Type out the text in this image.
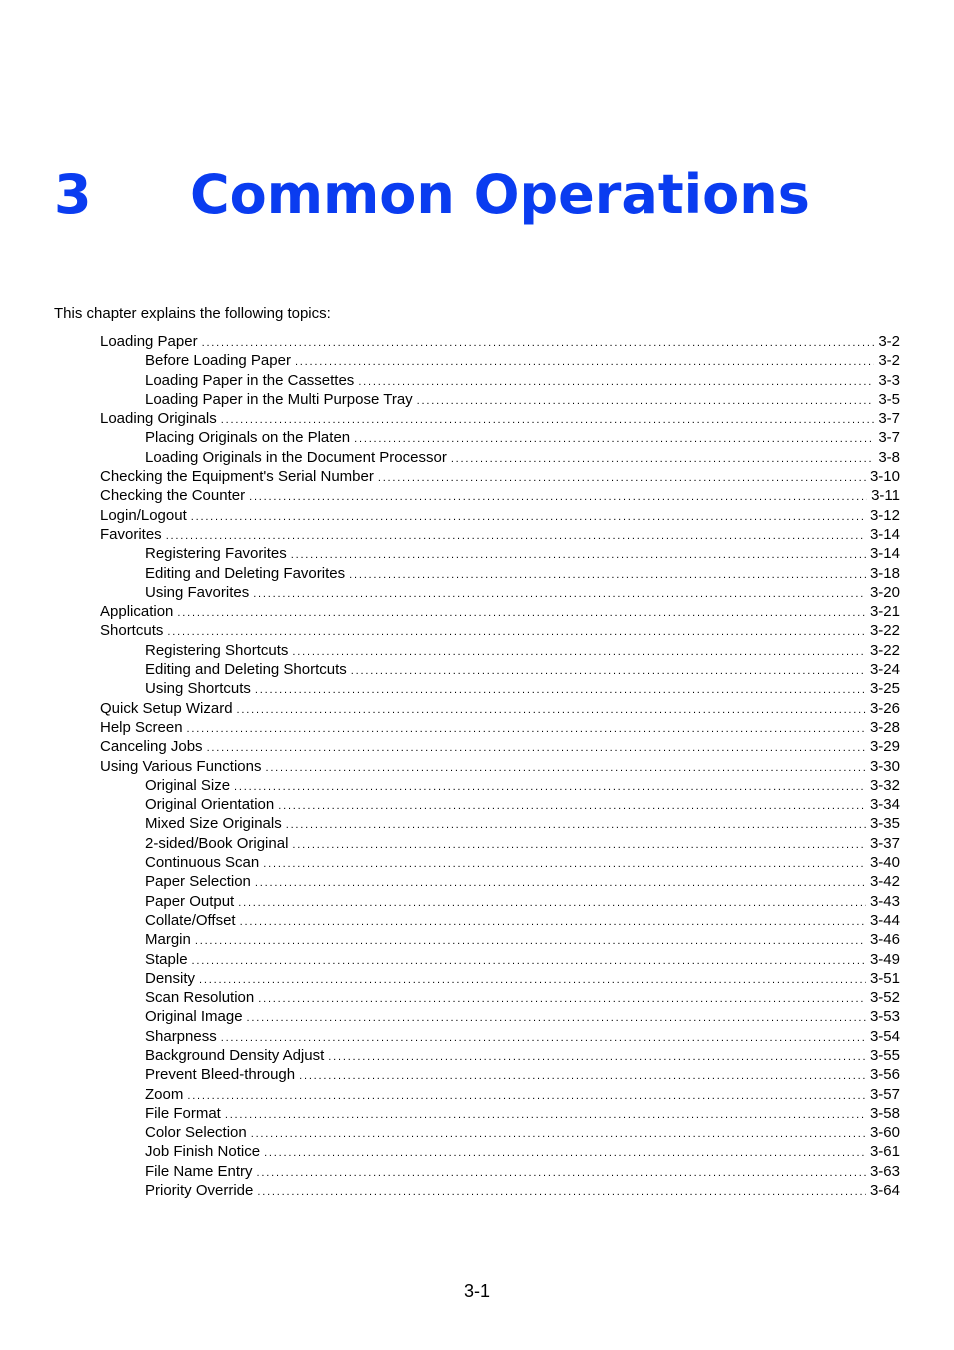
3 Common Operations
This chapter explains the following topics:
Loading Paper .....	3-2
Before Loading Paper .....	3-2
Loading Paper in the Cassettes .....	3-3
Loading Paper in the Multi Purpose Tray .....	3-5
Loading Originals .....	3-7
Placing Originals on the Platen .....	3-7
Loading Originals in the Document Processor .....	3-8
Checking the Equipment's Serial Number .....	3-10
Checking the Counter .....	3-11
Login/Logout .....	3-12
Favorites .....	3-14
Registering Favorites .....	3-14
Editing and Deleting Favorites .....	3-18
Using Favorites .....	3-20
Application .....	3-21
Shortcuts .....	3-22
Registering Shortcuts .....	3-22
Editing and Deleting Shortcuts .....	3-24
Using Shortcuts .....	3-25
Quick Setup Wizard .....	3-26
Help Screen .....	3-28
Canceling Jobs .....	3-29
Using Various Functions .....	3-30
Original Size .....	3-32
Original Orientation .....	3-34
Mixed Size Originals .....	3-35
2-sided/Book Original .....	3-37
Continuous Scan .....	3-40
Paper Selection .....	3-42
Paper Output .....	3-43
Collate/Offset .....	3-44
Margin .....	3-46
Staple .....	3-49
Density .....	3-51
Scan Resolution .....	3-52
Original Image .....	3-53
Sharpness .....	3-54
Background Density Adjust .....	3-55
Prevent Bleed-through .....	3-56
Zoom .....	3-57
File Format .....	3-58
Color Selection .....	3-60
Job Finish Notice .....	3-61
File Name Entry .....	3-63
Priority Override .....	3-64
3-1
